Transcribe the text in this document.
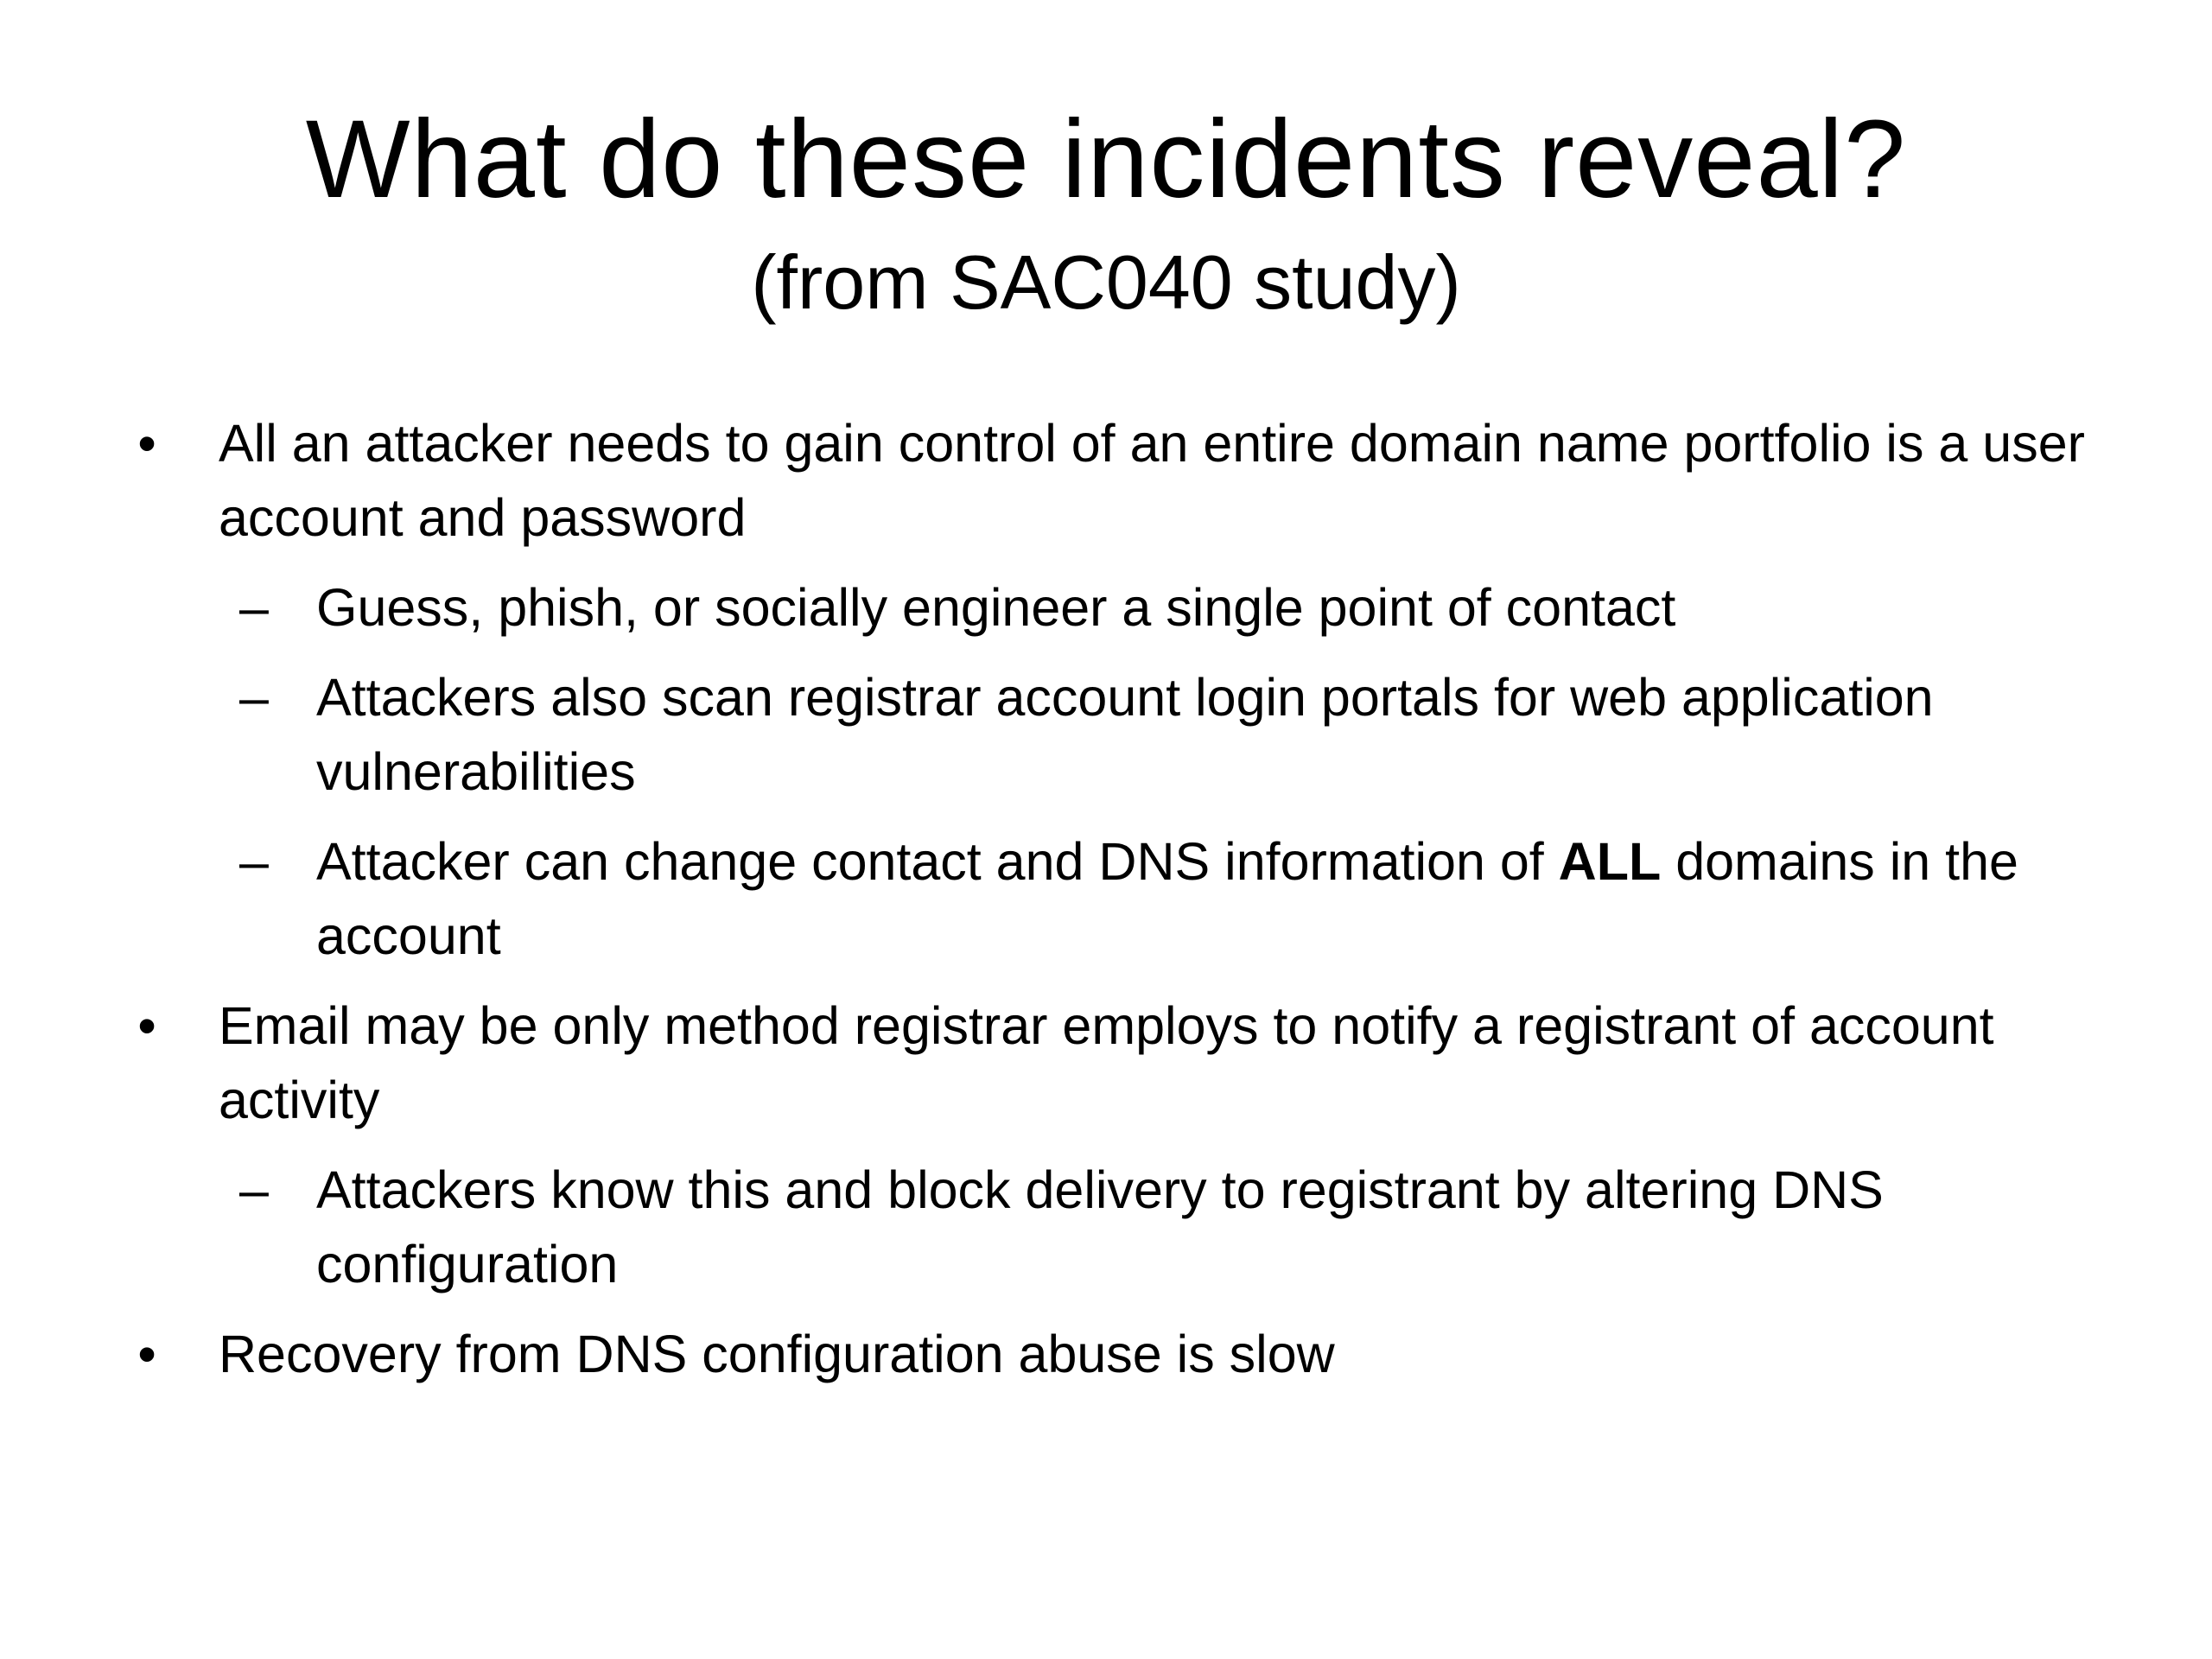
What do these incidents reveal?
(from SAC040 study)
• All an attacker needs to gain control of an entire domain name portfolio is a user account and password
– Guess, phish, or socially engineer a single point of contact
– Attackers also scan registrar account login portals for web application vulnerabilities
– Attacker can change contact and DNS information of ALL domains in the account
• Email may be only method registrar employs to notify a registrant of account activity
– Attackers know this and block delivery to registrant by altering DNS configuration
• Recovery from DNS configuration abuse is slow
